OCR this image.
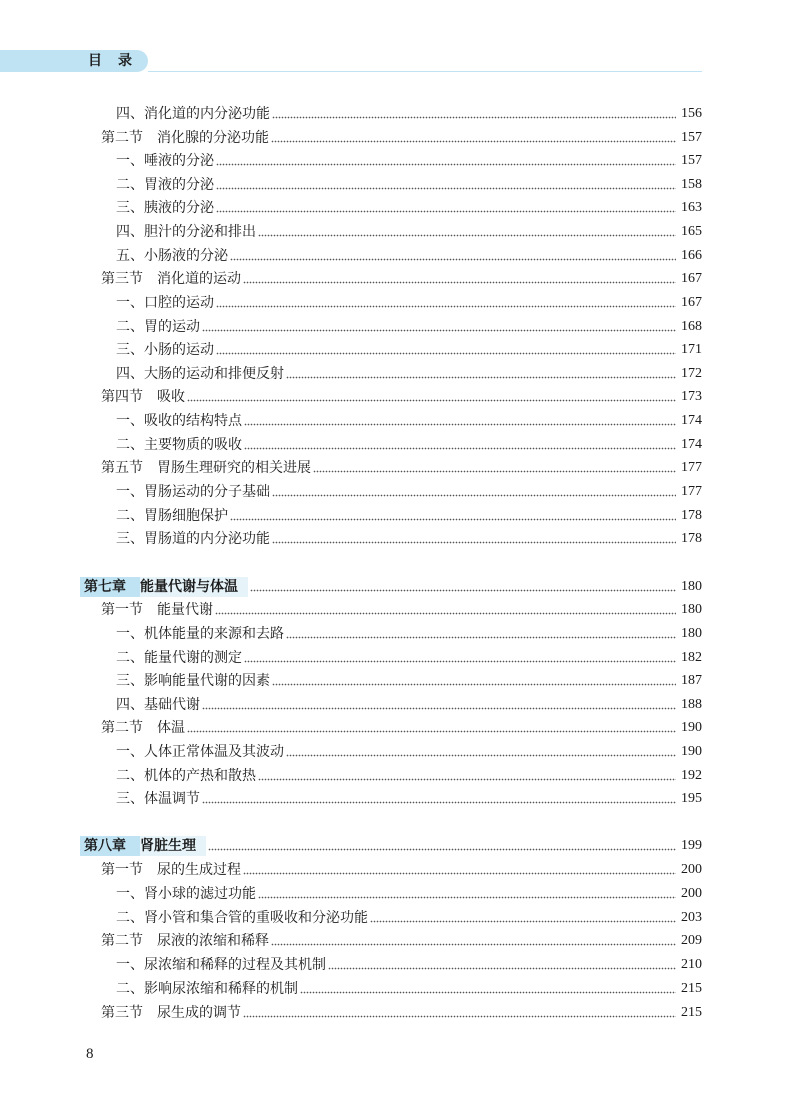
目录
四、消化道的内分泌功能	156
第二节　消化腺的分泌功能	157
一、唾液的分泌	157
二、胃液的分泌	158
三、胰液的分泌	163
四、胆汁的分泌和排出	165
五、小肠液的分泌	166
第三节　消化道的运动	167
一、口腔的运动	167
二、胃的运动	168
三、小肠的运动	171
四、大肠的运动和排便反射	172
第四节　吸收	173
一、吸收的结构特点	174
二、主要物质的吸收	174
第五节　胃肠生理研究的相关进展	177
一、胃肠运动的分子基础	177
二、胃肠细胞保护	178
三、胃肠道的内分泌功能	178
第七章 能量代谢与体温	180
第一节　能量代谢	180
一、机体能量的来源和去路	180
二、能量代谢的测定	182
三、影响能量代谢的因素	187
四、基础代谢	188
第二节　体温	190
一、人体正常体温及其波动	190
二、机体的产热和散热	192
三、体温调节	195
第八章 肾脏生理	199
第一节　尿的生成过程	200
一、肾小球的滤过功能	200
二、肾小管和集合管的重吸收和分泌功能	203
第二节　尿液的浓缩和稀释	209
一、尿浓缩和稀释的过程及其机制	210
二、影响尿浓缩和稀释的机制	215
第三节　尿生成的调节	215
8
